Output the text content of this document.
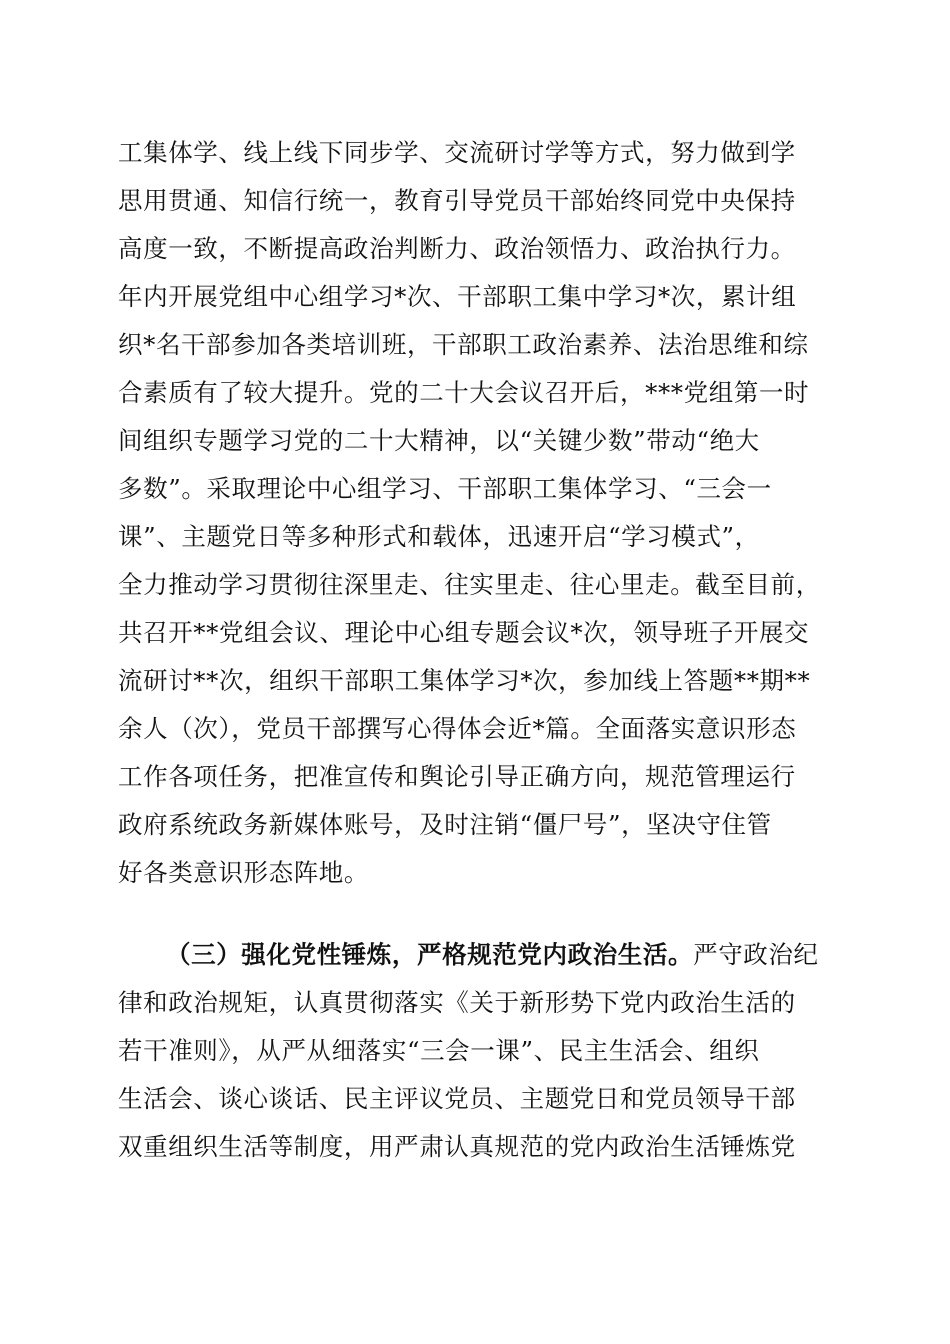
工集体学、线上线下同步学、交流研讨学等方式，努力做到学
思用贯通、知信行统一，教育引导党员干部始终同党中央保持
高度一致，不断提高政治判断力、政治领悟力、政治执行力。
年内开展党组中心组学习*次、干部职工集中学习*次，累计组
织*名干部参加各类培训班，干部职工政治素养、法治思维和综
合素质有了较大提升。党的二十大会议召开后，***党组第一时
间组织专题学习党的二十大精神，以“关键少数”带动“绝大
多数”。采取理论中心组学习、干部职工集体学习、“三会一
课”、主题党日等多种形式和载体，迅速开启“学习模式”，
全力推动学习贯彻往深里走、往实里走、往心里走。截至目前，
共召开**党组会议、理论中心组专题会议*次，领导班子开展交
流研讨**次，组织干部职工集体学习*次，参加线上答题**期**
余人（次），党员干部撰写心得体会近*篇。全面落实意识形态
工作各项任务，把准宣传和舆论引导正确方向，规范管理运行
政府系统政务新媒体账号，及时注销“僵尸号”，坚决守住管
好各类意识形态阵地。
（三）强化党性锤炼，严格规范党内政治生活。严守政治纪
律和政治规矩，认真贯彻落实《关于新形势下党内政治生活的
若干准则》，从严从细落实“三会一课”、民主生活会、组织
生活会、谈心谈话、民主评议党员、主题党日和党员领导干部
双重组织生活等制度，用严肃认真规范的党内政治生活锤炼党
